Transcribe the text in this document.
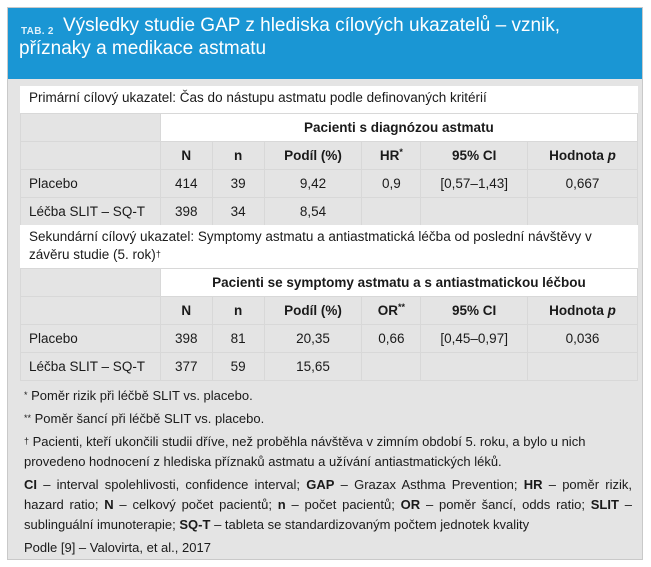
TAB. 2 Výsledky studie GAP z hlediska cílových ukazatelů – vznik,
příznaky a medikace astmatu
Primární cílový ukazatel: Čas do nástupu astmatu podle definovaných kritérií
	Pacienti s diagnózou astmatu					
	N	n	Podíl (%)	HR*	95% CI	Hodnota p
Placebo	414	39	9,42	0,9	[0,57–1,43]	0,667
Léčba SLIT – SQ-T	398	34	8,54			
Sekundární cílový ukazatel: Symptomy astmatu a antiastmatická léčba od poslední návštěvy v závěru studie (5. rok)†
	Pacienti se symptomy astmatu a s antiastmatickou léčbou					
	N	n	Podíl (%)	OR**	95% CI	Hodnota p
Placebo	398	81	20,35	0,66	[0,45–0,97]	0,036
Léčba SLIT – SQ-T	377	59	15,65			

* Poměr rizik při léčbě SLIT vs. placebo.

** Poměr šancí při léčbě SLIT vs. placebo.

† Pacienti, kteří ukončili studii dříve, než proběhla návštěva v zimním období 5. roku, a bylo u nich provedeno hodnocení z hlediska příznaků astmatu a užívání antiastmatických léků.

CI – interval spolehlivosti, confidence interval; GAP – Grazax Asthma Prevention; HR – poměr rizik, hazard ratio; N – celkový počet pacientů; n – počet pacientů; OR – poměr šancí, odds ratio; SLIT – sublinguální imunoterapie; SQ-T – tableta se standardizovaným počtem jednotek kvality

Podle [9] – Valovirta, et al., 2017
